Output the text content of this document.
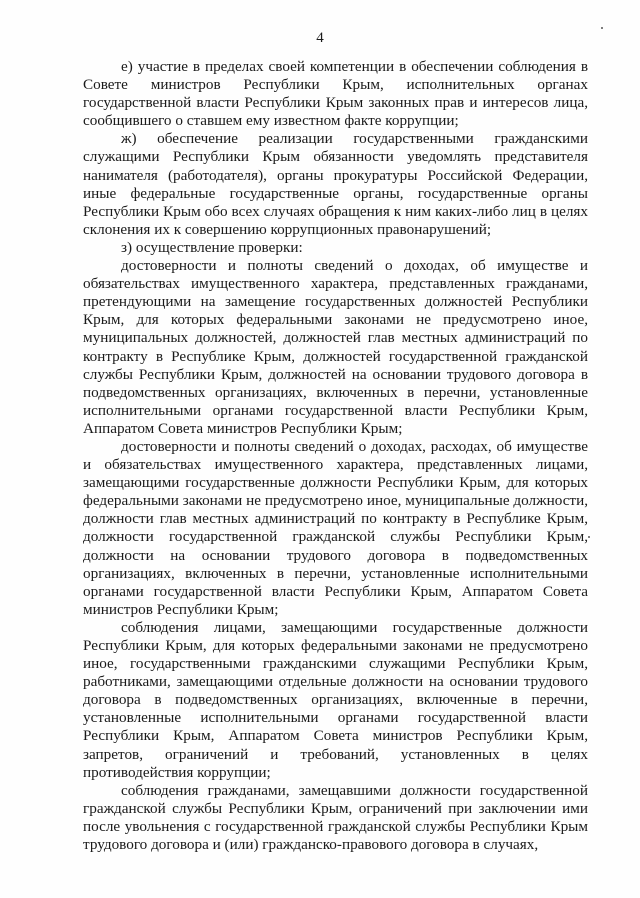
4

е) участие в пределах своей компетенции в обеспечении соблюдения в Совете министров Республики Крым, исполнительных органах государственной власти Республики Крым законных прав и интересов лица, сообщившего о ставшем ему известном факте коррупции;

ж) обеспечение реализации государственными гражданскими служащими Республики Крым обязанности уведомлять представителя нанимателя (работодателя), органы прокуратуры Российской Федерации, иные федеральные государственные органы, государственные органы Республики Крым обо всех случаях обращения к ним каких-либо лиц в целях склонения их к совершению коррупционных правонарушений;

з) осуществление проверки:

достоверности и полноты сведений о доходах, об имуществе и обязательствах имущественного характера, представленных гражданами, претендующими на замещение государственных должностей Республики Крым, для которых федеральными законами не предусмотрено иное, муниципальных должностей, должностей глав местных администраций по контракту в Республике Крым, должностей государственной гражданской службы Республики Крым, должностей на основании трудового договора в подведомственных организациях, включенных в перечни, установленные исполнительными органами государственной власти Республики Крым, Аппаратом Совета министров Республики Крым;

достоверности и полноты сведений о доходах, расходах, об имуществе и обязательствах имущественного характера, представленных лицами, замещающими государственные должности Республики Крым, для которых федеральными законами не предусмотрено иное, муниципальные должности, должности глав местных администраций по контракту в Республике Крым, должности государственной гражданской службы Республики Крым, должности на основании трудового договора в подведомственных организациях, включенных в перечни, установленные исполнительными органами государственной власти Республики Крым, Аппаратом Совета министров Республики Крым;

соблюдения лицами, замещающими государственные должности Республики Крым, для которых федеральными законами не предусмотрено иное, государственными гражданскими служащими Республики Крым, работниками, замещающими отдельные должности на основании трудового договора в подведомственных организациях, включенные в перечни, установленные исполнительными органами государственной власти Республики Крым, Аппаратом Совета министров Республики Крым, запретов, ограничений и требований, установленных в целях противодействия коррупции;

соблюдения гражданами, замещавшими должности государственной гражданской службы Республики Крым, ограничений при заключении ими после увольнения с государственной гражданской службы Республики Крым трудового договора и (или) гражданско-правового договора в случаях,
